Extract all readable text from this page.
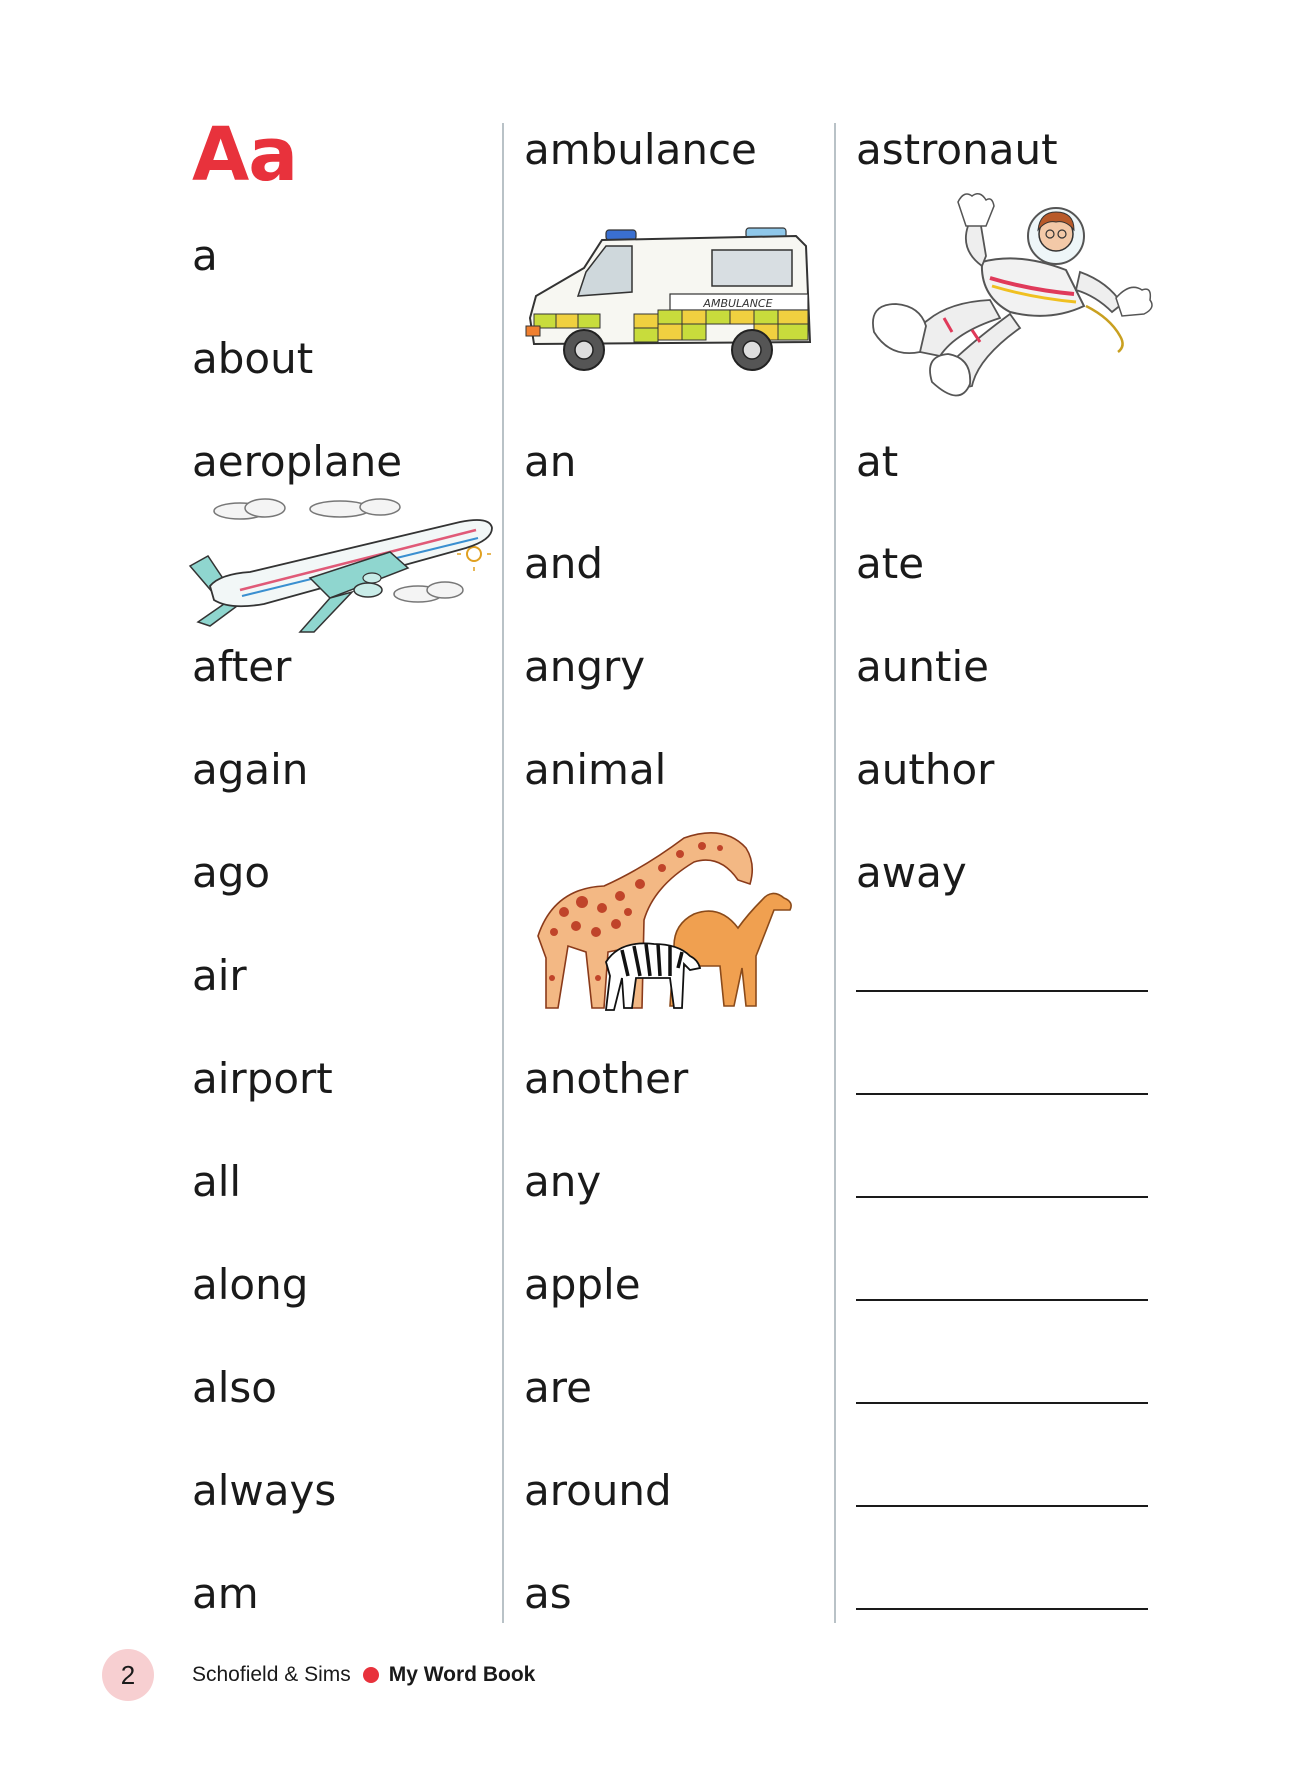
Aa
a
about
aeroplane
after
again
ago
air
airport
all
along
also
always
am
ambulance
AMBULANCE
an
and
angry
animal
another
any
apple
are
around
as
astronaut
at
ate
auntie
author
away
2	Schofield & Sims My Word Book
